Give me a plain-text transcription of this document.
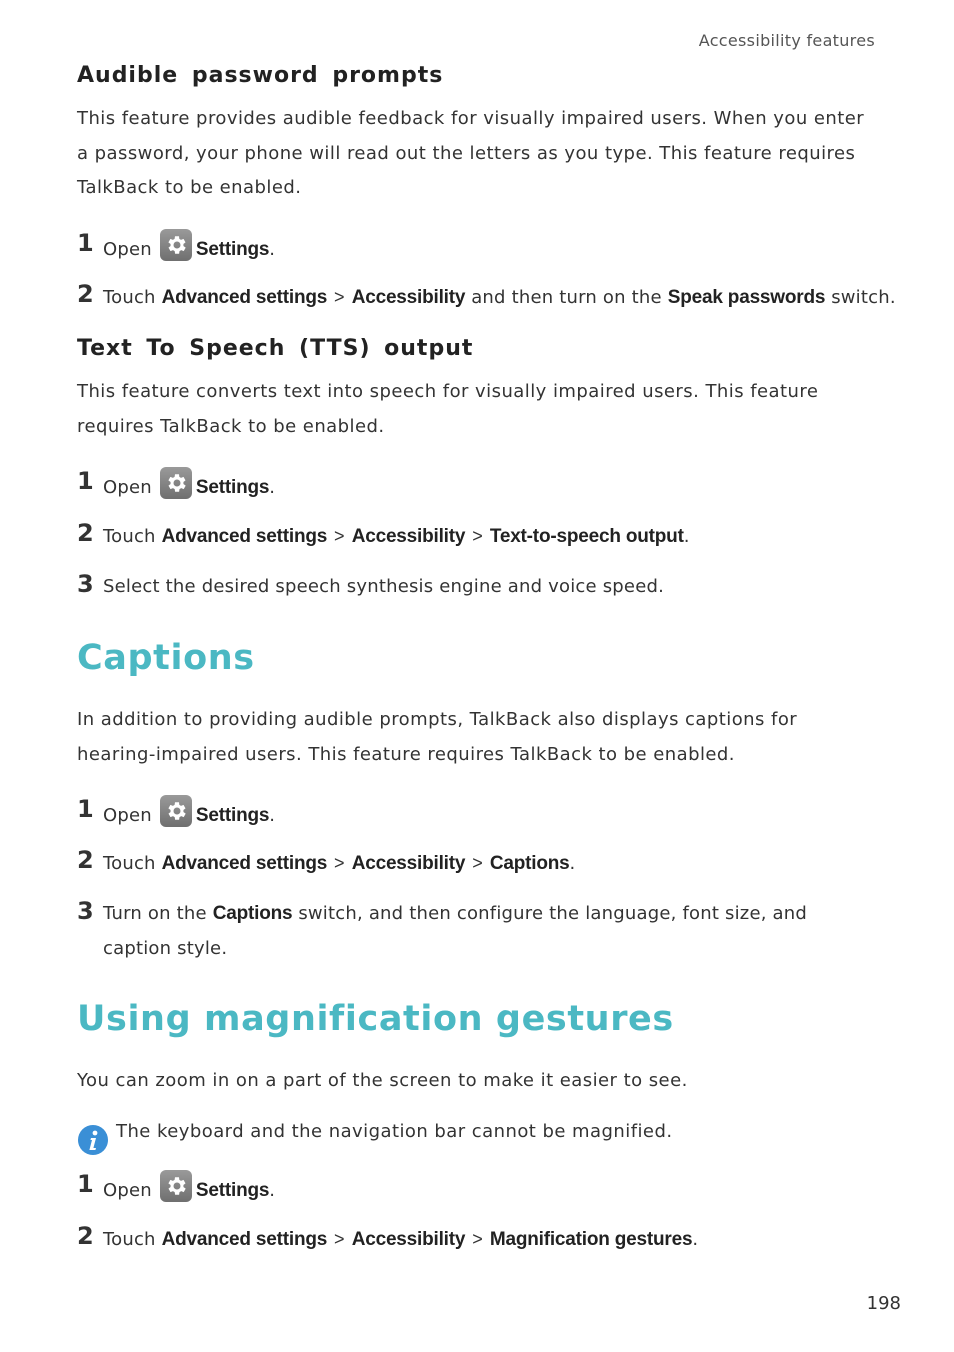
Accessibility features
Audible password prompts
This feature provides audible feedback for visually impaired users. When you enter a password, your phone will read out the letters as you type. This feature requires TalkBack to be enabled.
1 Open Settings.
2 Touch Advanced settings > Accessibility and then turn on the Speak passwords switch.
Text To Speech (TTS) output
This feature converts text into speech for visually impaired users. This feature requires TalkBack to be enabled.
1 Open Settings.
2 Touch Advanced settings > Accessibility > Text-to-speech output.
3 Select the desired speech synthesis engine and voice speed.
Captions
In addition to providing audible prompts, TalkBack also displays captions for hearing-impaired users. This feature requires TalkBack to be enabled.
1 Open Settings.
2 Touch Advanced settings > Accessibility > Captions.
3 Turn on the Captions switch, and then configure the language, font size, and caption style.
Using magnification gestures
You can zoom in on a part of the screen to make it easier to see.
The keyboard and the navigation bar cannot be magnified.
1 Open Settings.
2 Touch Advanced settings > Accessibility > Magnification gestures.
198
